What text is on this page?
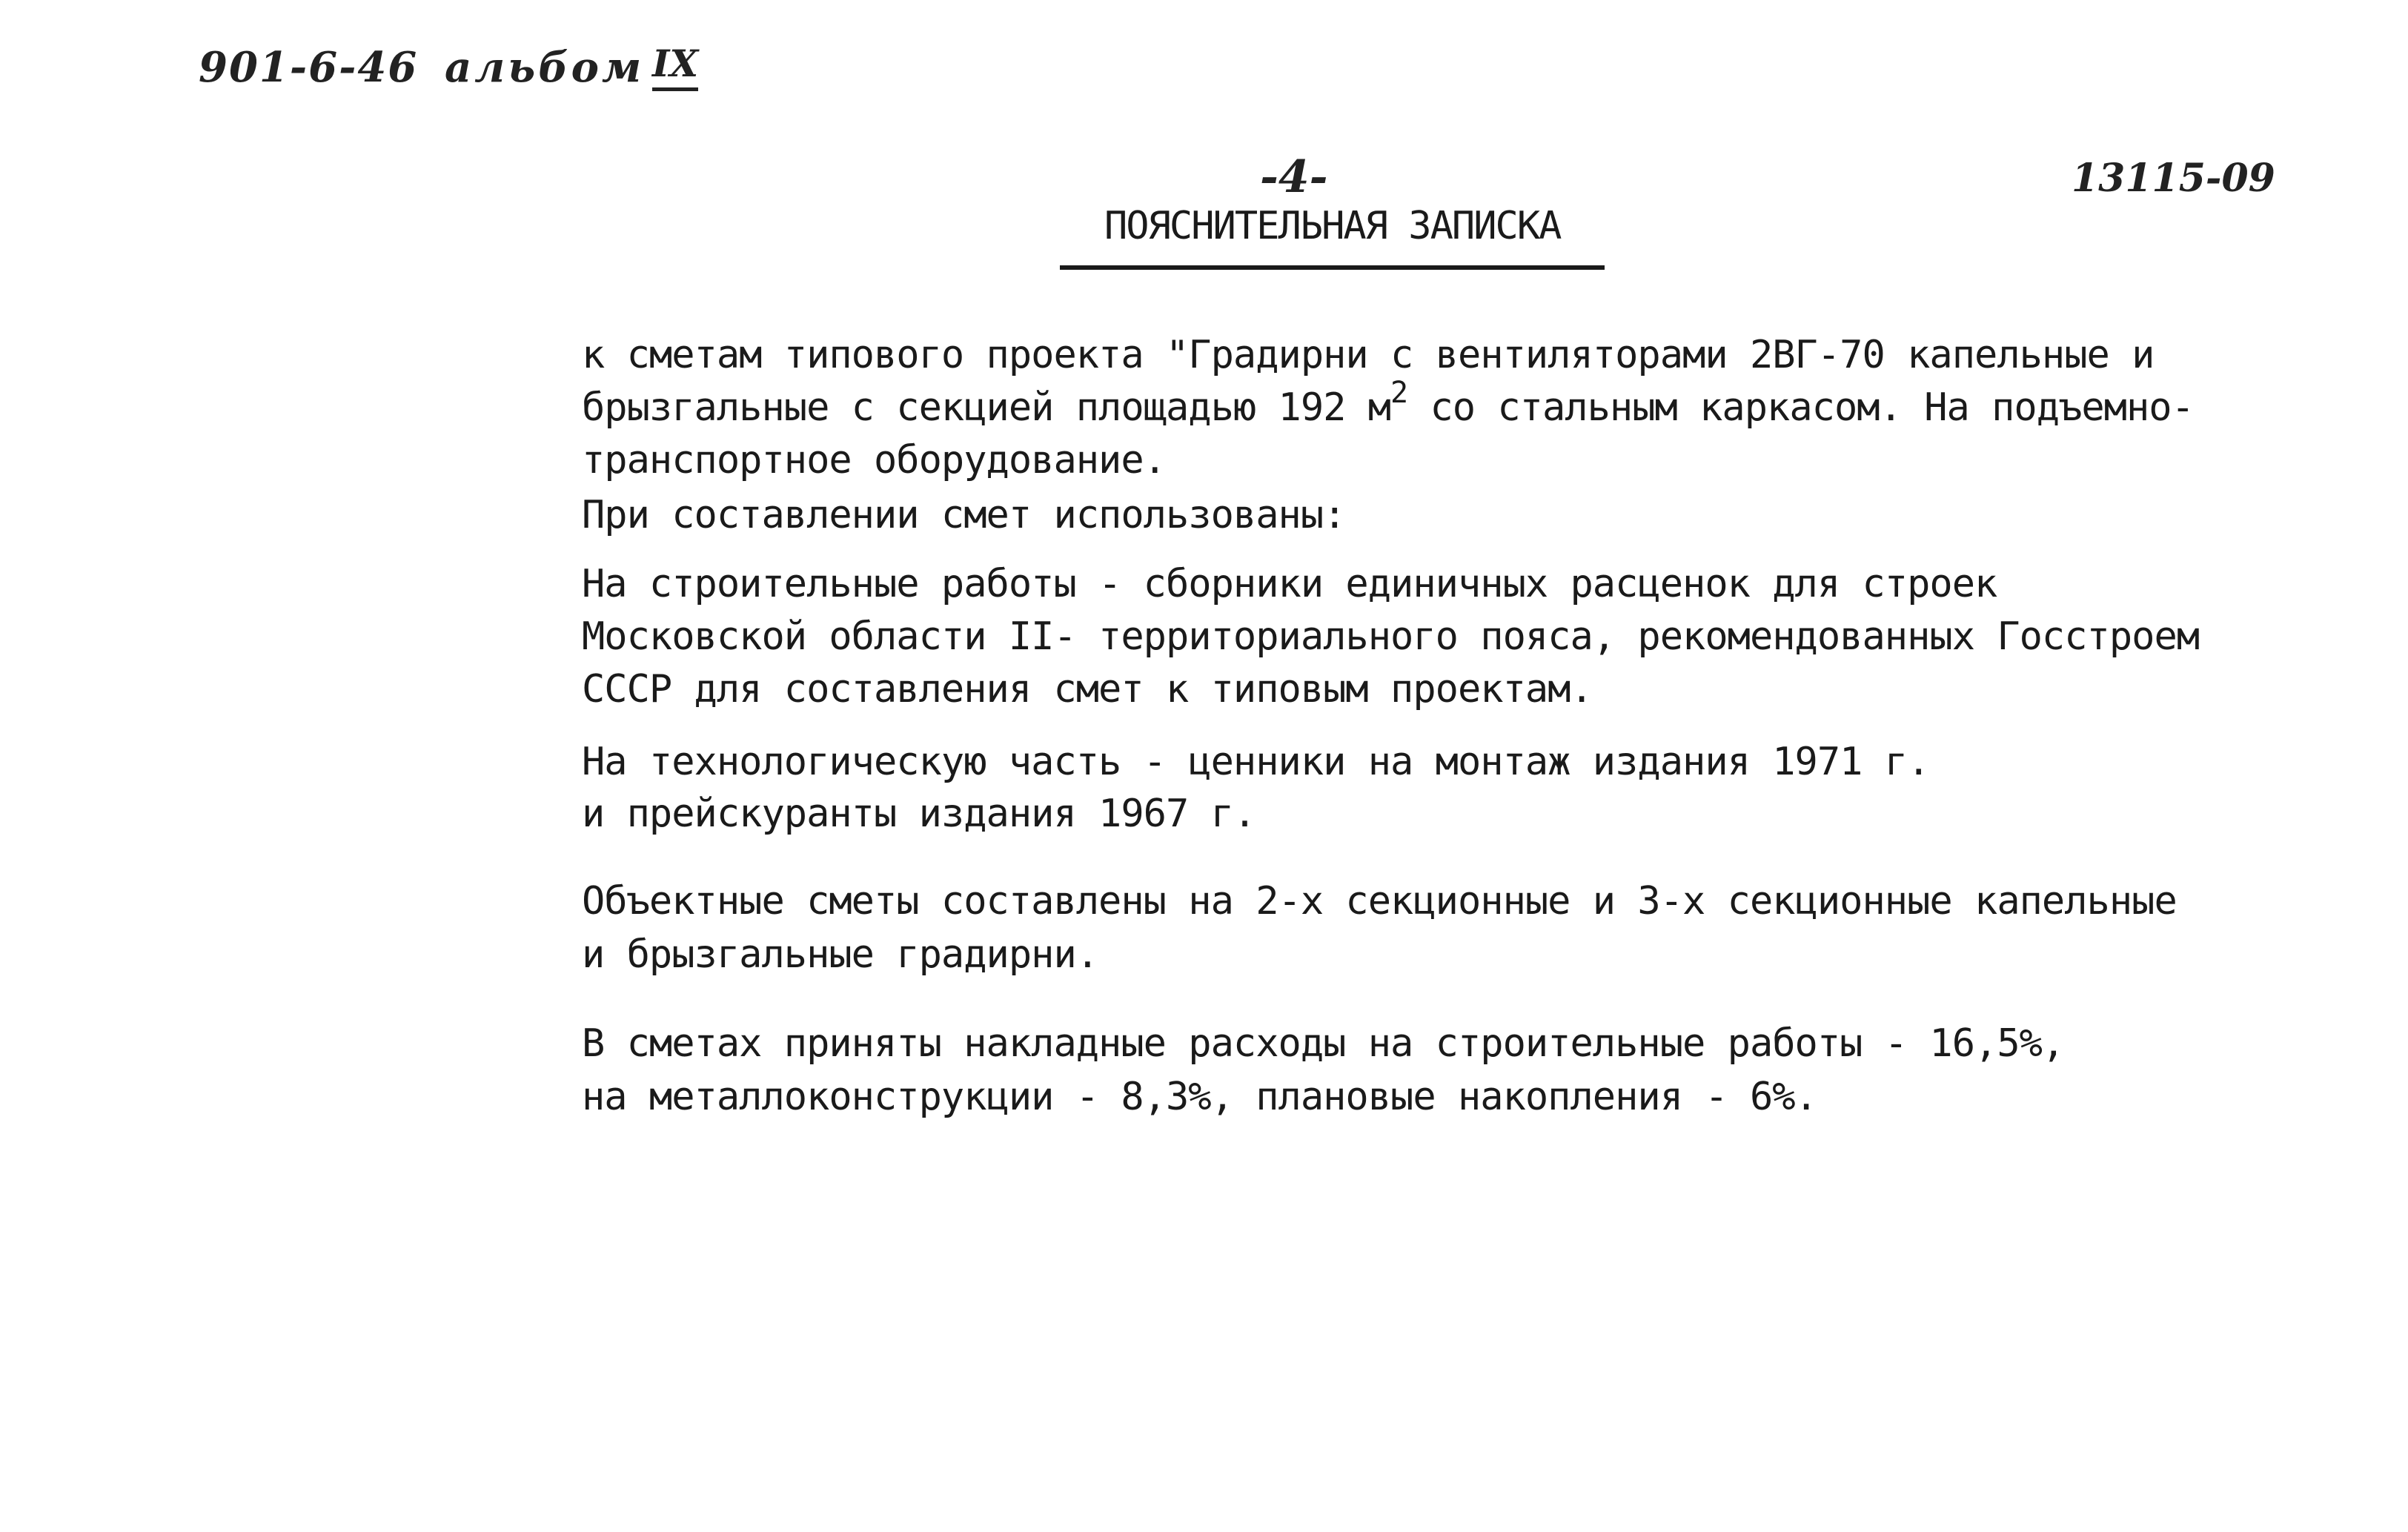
901-6-46 альбом IX
-4-	13115-09
ПОЯСНИТЕЛЬНАЯ ЗАПИСКА
к сметам типового проекта "Градирни с вентиляторами 2ВГ-70 капельные и
брызгальные с секцией площадью 192 $м^2$ со стальным каркасом. На подъемно-
транспортное оборудование.
При составлении смет использованы:
На строительные работы - сборники единичных расценок для строек
Московской области II- территориального пояса, рекомендованных Госстроем
СССР для составления смет к типовым проектам.
На технологическую часть - ценники на монтаж издания 1971 г.
и прейскуранты издания 1967 г.
Объектные сметы составлены на 2-х секционные и 3-х секционные капельные
и брызгальные градирни.
В сметах приняты накладные расходы на строительные работы - 16,5%,
на металлоконструкции - 8,3%, плановые накопления - 6%.
